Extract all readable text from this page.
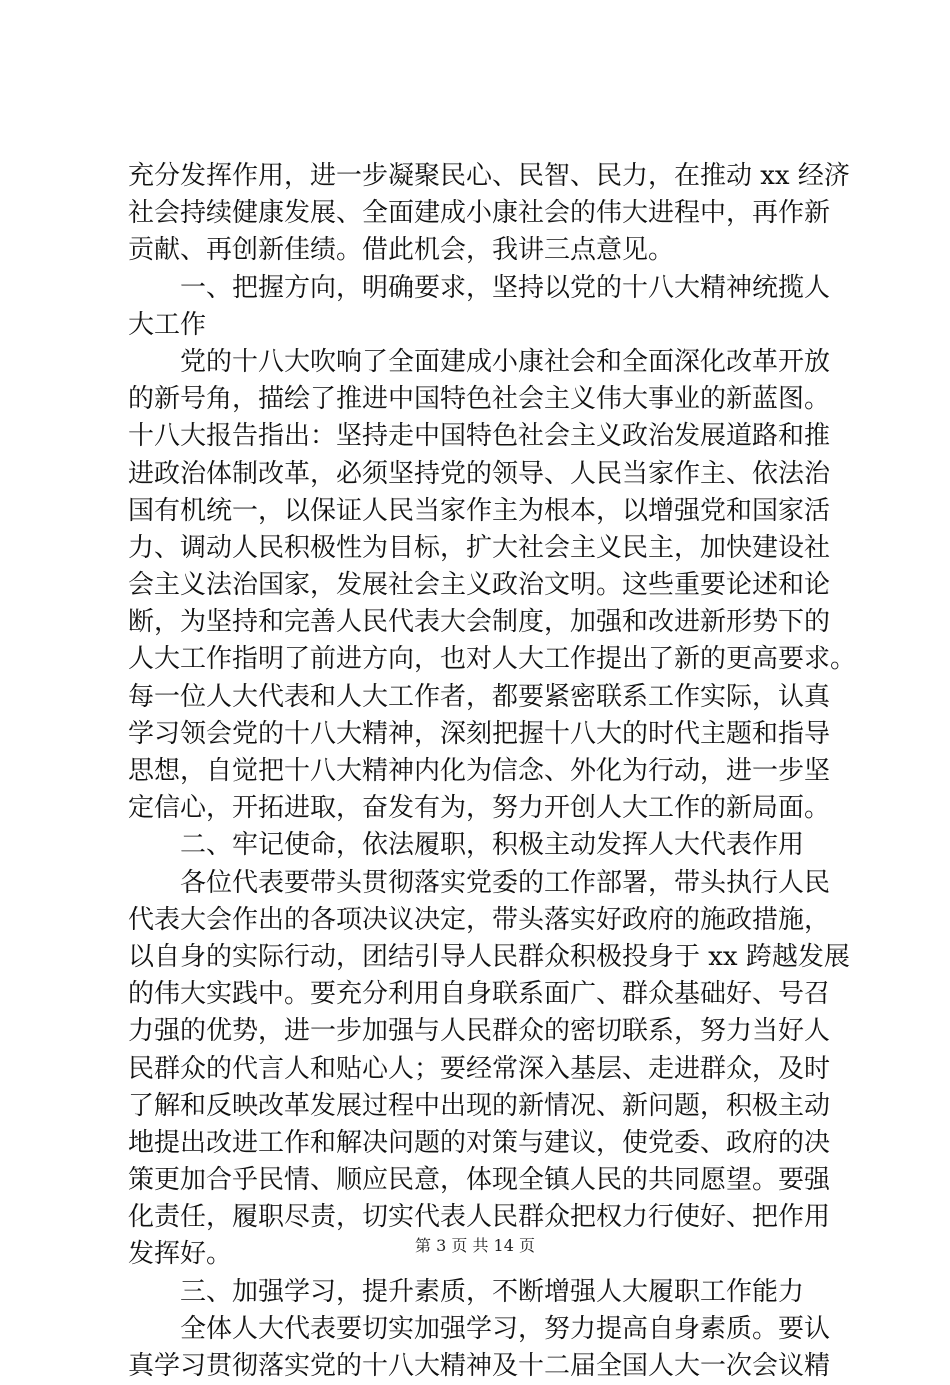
充分发挥作用，进一步凝聚民心、民智、民力，在推动 xx 经济
社会持续健康发展、全面建成小康社会的伟大进程中，再作新
贡献、再创新佳绩。借此机会，我讲三点意见。
　　一、把握方向，明确要求，坚持以党的十八大精神统揽人
大工作
　　党的十八大吹响了全面建成小康社会和全面深化改革开放
的新号角，描绘了推进中国特色社会主义伟大事业的新蓝图。
十八大报告指出：坚持走中国特色社会主义政治发展道路和推
进政治体制改革，必须坚持党的领导、人民当家作主、依法治
国有机统一，以保证人民当家作主为根本，以增强党和国家活
力、调动人民积极性为目标，扩大社会主义民主，加快建设社
会主义法治国家，发展社会主义政治文明。这些重要论述和论
断，为坚持和完善人民代表大会制度，加强和改进新形势下的
人大工作指明了前进方向，也对人大工作提出了新的更高要求。
每一位人大代表和人大工作者，都要紧密联系工作实际，认真
学习领会党的十八大精神，深刻把握十八大的时代主题和指导
思想，自觉把十八大精神内化为信念、外化为行动，进一步坚
定信心，开拓进取，奋发有为，努力开创人大工作的新局面。
　　二、牢记使命，依法履职，积极主动发挥人大代表作用
　　各位代表要带头贯彻落实党委的工作部署，带头执行人民
代表大会作出的各项决议决定，带头落实好政府的施政措施，
以自身的实际行动，团结引导人民群众积极投身于 xx 跨越发展
的伟大实践中。要充分利用自身联系面广、群众基础好、号召
力强的优势，进一步加强与人民群众的密切联系，努力当好人
民群众的代言人和贴心人；要经常深入基层、走进群众，及时
了解和反映改革发展过程中出现的新情况、新问题，积极主动
地提出改进工作和解决问题的对策与建议，使党委、政府的决
策更加合乎民情、顺应民意，体现全镇人民的共同愿望。要强
化责任，履职尽责，切实代表人民群众把权力行使好、把作用
发挥好。
　　三、加强学习，提升素质，不断增强人大履职工作能力
　　全体人大代表要切实加强学习，努力提高自身素质。要认
真学习贯彻落实党的十八大精神及十二届全国人大一次会议精
第 3 页 共 14 页
